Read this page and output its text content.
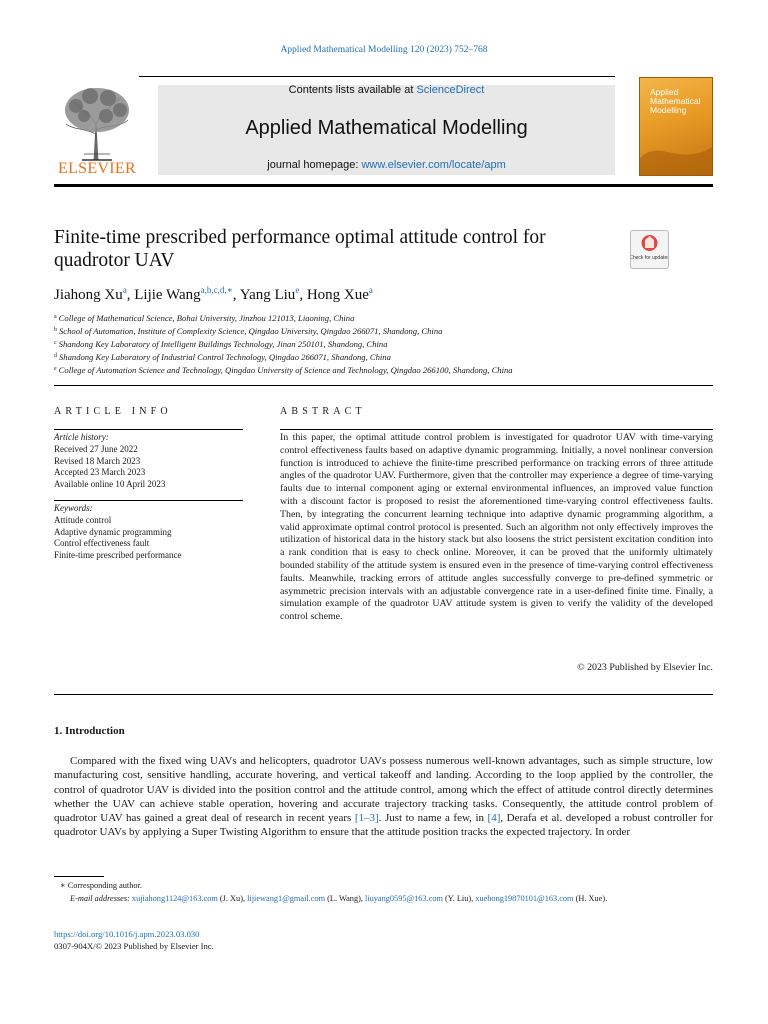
Applied Mathematical Modelling 120 (2023) 752–768
ELSEVIER
Contents lists available at ScienceDirect
Applied Mathematical Modelling
journal homepage: www.elsevier.com/locate/apm
Applied Mathematical Modelling
Finite-time prescribed performance optimal attitude control for quadrotor UAV	Check for updates
Jiahong Xu$^a$, Lijie Wang$^{a,b,c,d,∗}$, Yang Liu$^e$, Hong Xue$^a$
$^a$ College of Mathematical Science, Bohai University, Jinzhou 121013, Liaoning, China
$^b$ School of Automation, Institute of Complexity Science, Qingdao University, Qingdao 266071, Shandong, China
$^c$ Shandong Key Laboratory of Intelligent Buildings Technology, Jinan 250101, Shandong, China
$^d$ Shandong Key Laboratory of Industrial Control Technology, Qingdao 266071, Shandong, China
$^e$ College of Automation Science and Technology, Qingdao University of Science and Technology, Qingdao 266100, Shandong, China
ARTICLE INFO
Article history:
Received 27 June 2022
Revised 18 March 2023
Accepted 23 March 2023
Available online 10 April 2023
Keywords:
Attitude control
Adaptive dynamic programming
Control effectiveness fault
Finite-time prescribed performance
ABSTRACT
In this paper, the optimal attitude control problem is investigated for quadrotor UAV with time-varying control effectiveness faults based on adaptive dynamic programming. Initially, a novel nonlinear conversion function is introduced to achieve the finite-time prescribed performance on tracking errors of three attitude angles of the quadrotor UAV. Furthermore, given that the controller may experience a degree of time-varying faults due to internal component aging or external environmental influences, an improved value function with a discount factor is proposed to resist the aforementioned time-varying control effectiveness faults. Then, by integrating the concurrent learning technique into adaptive dynamic programming algorithm, a valid approximate optimal control protocol is presented. Such an algorithm not only effectively improves the utilization of historical data in the history stack but also loosens the strict persistent excitation condition into a rank condition that is easy to check online. Moreover, it can be proved that the uniformly ultimately bounded stability of the attitude system is ensured even in the presence of time-varying control effectiveness faults. Meanwhile, tracking errors of attitude angles successfully converge to pre-defined symmetric or asymmetric precision intervals with an adjustable convergence rate in a user-defined finite time. Finally, a simulation example of the quadrotor UAV attitude system is given to verify the validity of the developed control scheme.
© 2023 Published by Elsevier Inc.
1. Introduction
Compared with the fixed wing UAVs and helicopters, quadrotor UAVs possess numerous well-known advantages, such as simple structure, low manufacturing cost, sensitive handling, accurate hovering, and vertical takeoff and landing. According to the loop applied by the controller, the control of quadrotor UAV is divided into the position control and the attitude control, among which the effect of attitude control directly determines whether the UAV can achieve stable operation, hovering and accurate trajectory tracking tasks. Consequently, the attitude control problem of quadrotor UAV has gained a great deal of research in recent years [1–3]. Just to name a few, in [4], Derafa et al. developed a robust controller for quadrotor UAVs by applying a Super Twisting Algorithm to ensure that the attitude position tracks the expected trajectory. In order
∗ Corresponding author.
E-mail addresses: xujiahong1124@163.com (J. Xu), lijiewang1@gmail.com (L. Wang), liuyang0595@163.com (Y. Liu), xuehong19870101@163.com (H. Xue).
https://doi.org/10.1016/j.apm.2023.03.030
0307-904X/© 2023 Published by Elsevier Inc.
